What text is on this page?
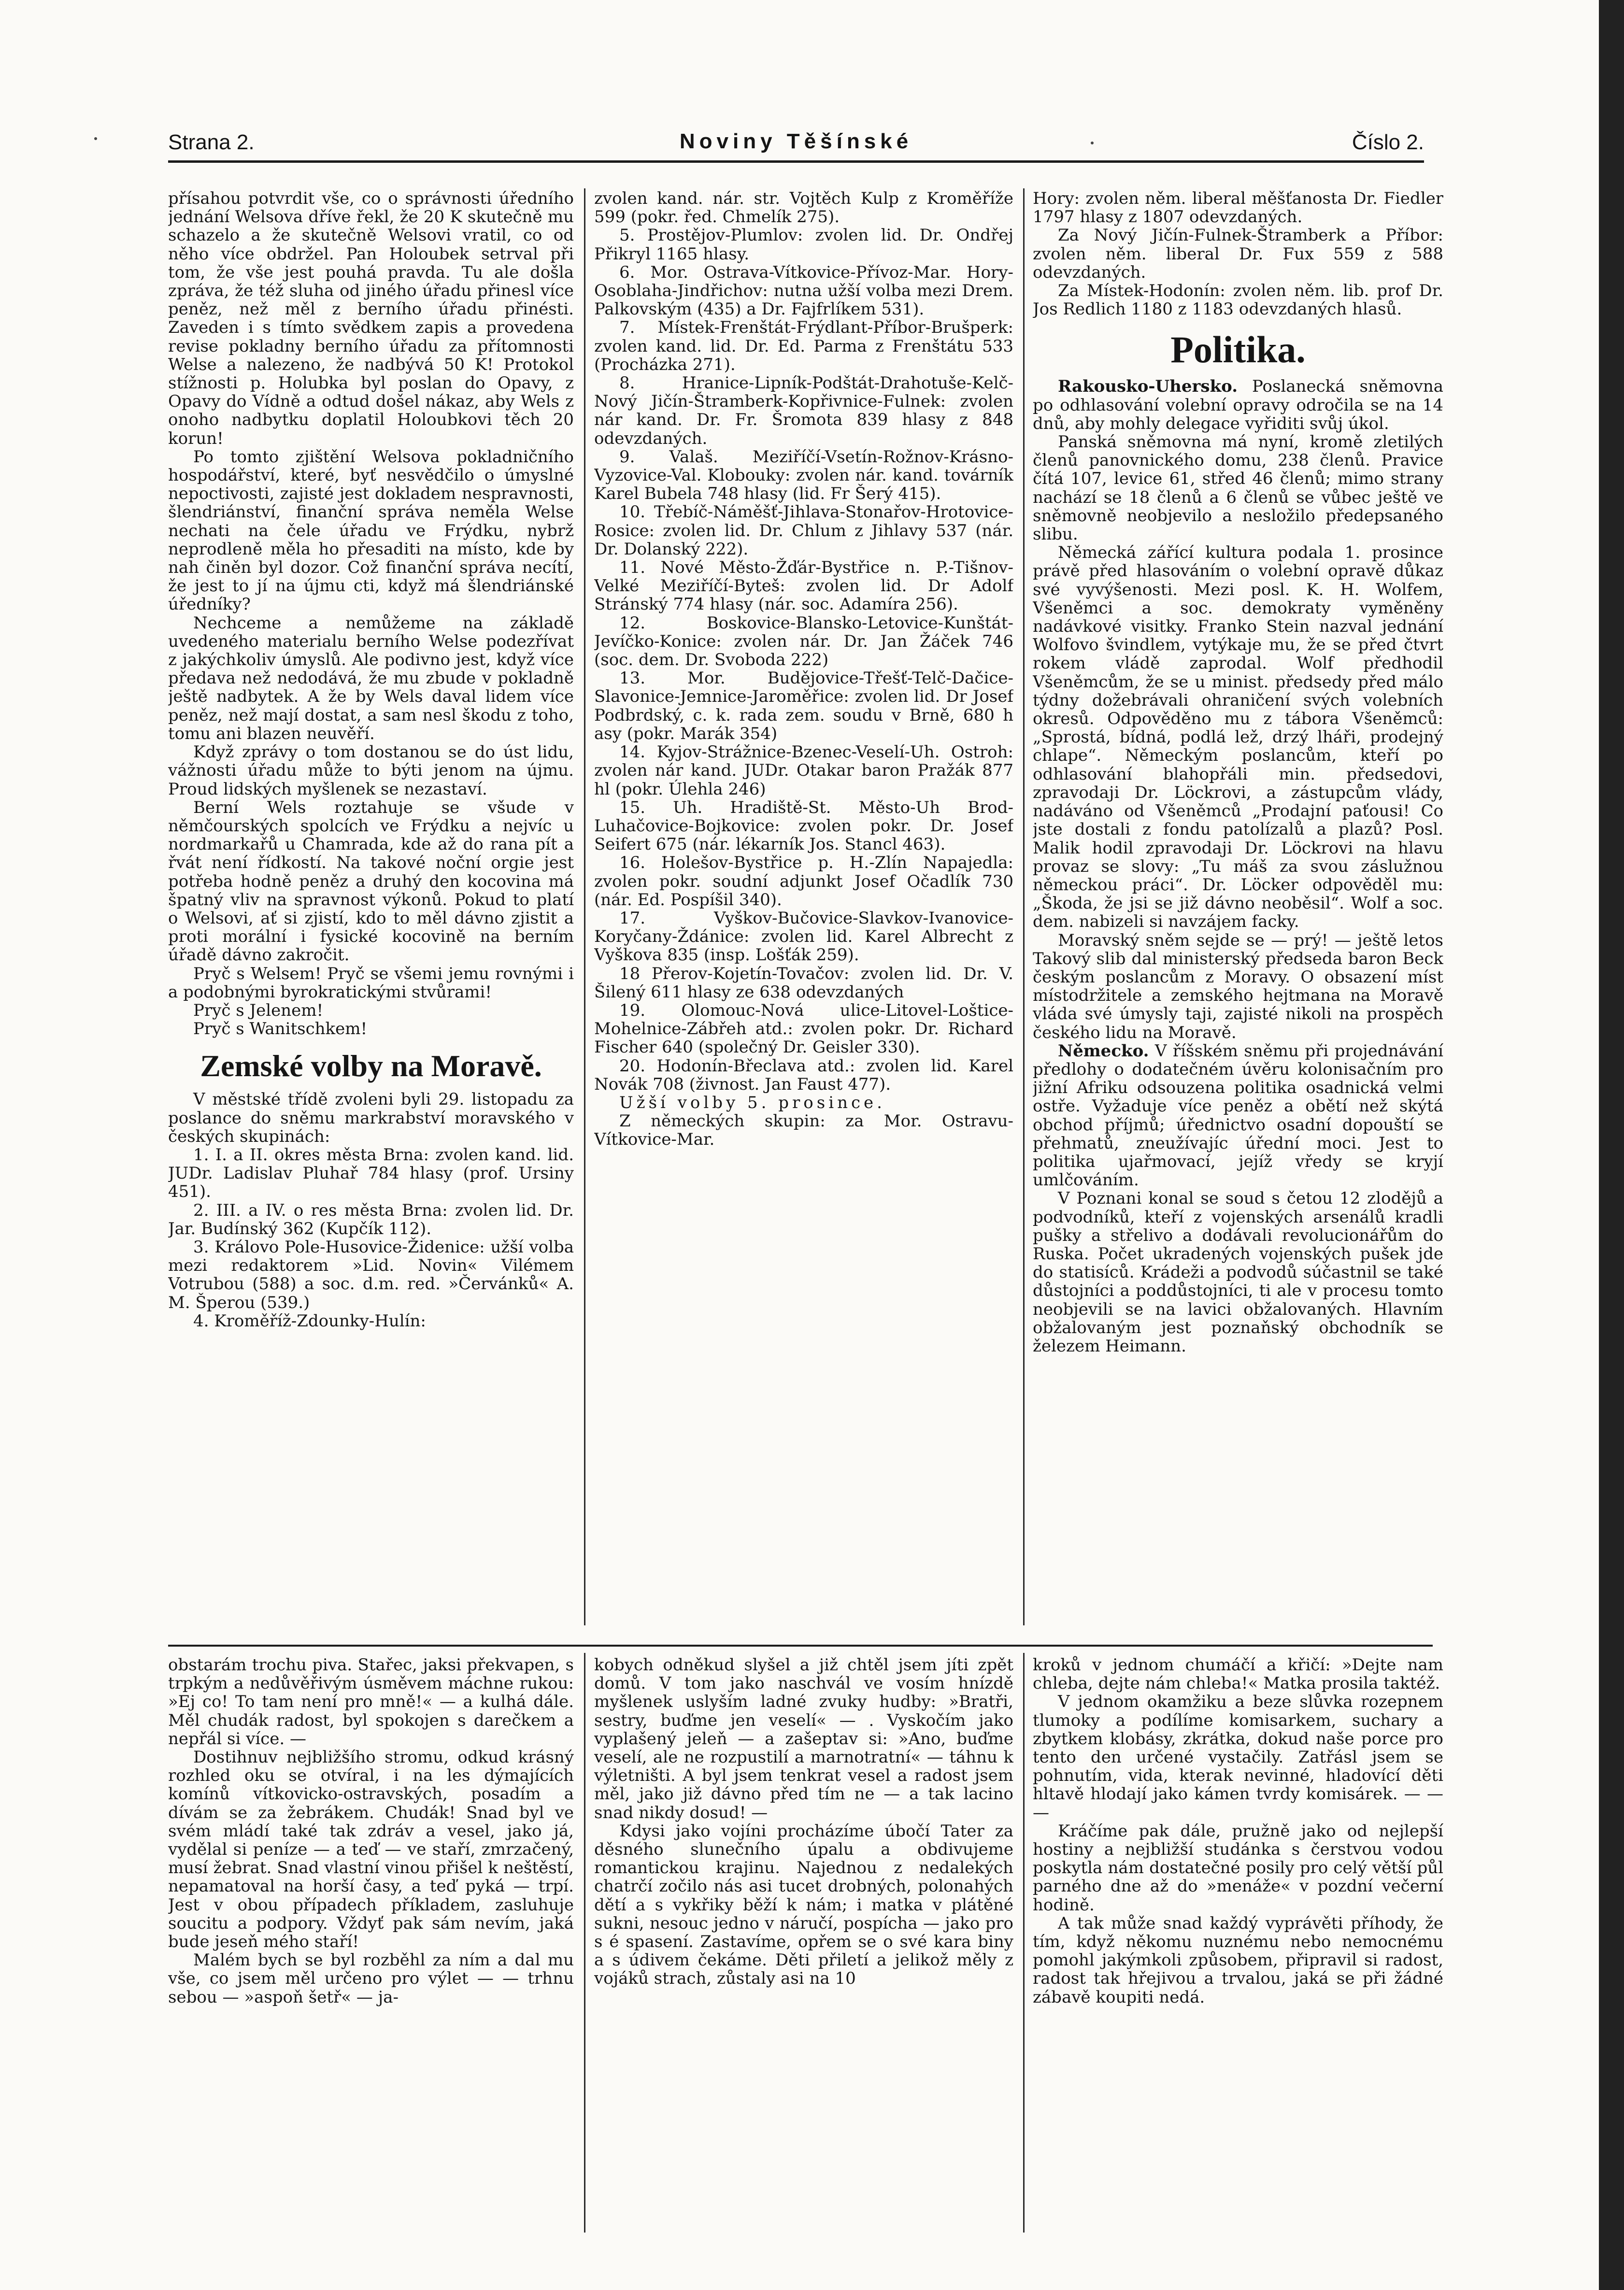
Strana 2.	Noviny Těšínské	Číslo 2.

přísahou potvrdit vše, co o správnosti úředního jednání Welsova dříve řekl, že 20 K skutečně mu schazelo a že skutečně Welsovi vratil, co od něho více obdržel. Pan Holoubek setrval při tom, že vše jest pouhá pravda. Tu ale došla zpráva, že též sluha od jiného úřadu přinesl více peněz, než měl z berního úřadu přinésti. Zaveden i s tímto svědkem zapis a provedena revise pokladny berního úřadu za přítomnosti Welse a nalezeno, že nadbývá 50 K! Protokol stížnosti p. Holubka byl poslan do Opavy, z Opavy do Vídně a odtud došel nákaz, aby Wels z onoho nadbytku doplatil Holoubkovi těch 20 korun!

Po tomto zjištění Welsova pokladničního hospodářství, které, byť nesvědčilo o úmyslné nepoctivosti, zajisté jest dokladem nespravnosti, šlendriánství, finanční správa neměla Welse nechati na čele úřadu ve Frýdku, nybrž neprodleně měla ho přesaditi na místo, kde by nah činěn byl dozor. Což finanční správa necítí, že jest to jí na újmu cti, když má šlendriánské úředníky?

Nechceme a nemůžeme na základě uvedeného materialu berního Welse podezřívat z jakýchkoliv úmyslů. Ale podivno jest, když více předava než nedodává, že mu zbude v pokladně ještě nadbytek. A že by Wels daval lidem více peněz, než mají dostat, a sam nesl škodu z toho, tomu ani blazen neuvěří.

Když zprávy o tom dostanou se do úst lidu, vážnosti úřadu může to býti jenom na újmu. Proud lidských myšlenek se nezastaví.

Berní Wels roztahuje se všude v němčourských spolcích ve Frýdku a nejvíc u nordmarkařů u Chamrada, kde až do rana pít a řvát není řídkostí. Na takové noční orgie jest potřeba hodně peněz a druhý den kocovina má špatný vliv na spravnost výkonů. Pokud to platí o Welsovi, ať si zjistí, kdo to měl dávno zjistit a proti morální i fysické kocovině na berním úřadě dávno zakročit.

Pryč s Welsem! Pryč se všemi jemu rovnými i a podobnými byrokratickými stvůrami!

Pryč s Jelenem!

Pryč s Wanitschkem!

Zemské volby na Moravě.

V městské třídě zvoleni byli 29. listopadu za poslance do sněmu markrabství moravského v českých skupinách:

1. I. a II. okres města Brna: zvolen kand. lid. JUDr. Ladislav Pluhař 784 hlasy (prof. Ursiny 451).

2. III. a IV. o res města Brna: zvolen lid. Dr. Jar. Budínský 362 (Kupčík 112).

3. Královo Pole-Husovice-Židenice: užší volba mezi redaktorem »Lid. Novin« Vilémem Votrubou (588) a soc. d.m. red. »Červánků« A. M. Šperou (539.)

4. Kroměříž-Zdounky-Hulín:

zvolen kand. nár. str. Vojtěch Kulp z Kroměříže 599 (pokr. řed. Chmelík 275).

5. Prostějov-Plumlov: zvolen lid. Dr. Ondřej Přikryl 1165 hlasy.

6. Mor. Ostrava-Vítkovice-Přívoz-Mar. Hory-Osoblaha-Jindřichov: nutna užší volba mezi Drem. Palkovským (435) a Dr. Fajfrlíkem 531).

7. Místek-Frenštát-Frýdlant-Příbor-Brušperk: zvolen kand. lid. Dr. Ed. Parma z Frenštátu 533 (Procházka 271).

8. Hranice-Lipník-Podštát-Drahotuše-Kelč-Nový Jičín-Štramberk-Kopřivnice-Fulnek: zvolen nár kand. Dr. Fr. Šromota 839 hlasy z 848 odevzdaných.

9. Valaš. Meziříčí-Vsetín-Rožnov-Krásno-Vyzovice-Val. Klobouky: zvolen nár. kand. továrník Karel Bubela 748 hlasy (lid. Fr Šerý 415).

10. Třebíč-Náměšť-Jihlava-Stonařov-Hrotovice-Rosice: zvolen lid. Dr. Chlum z Jihlavy 537 (nár. Dr. Dolanský 222).

11. Nové Město-Žďár-Bystřice n. P.-Tišnov-Velké Meziříčí-Byteš: zvolen lid. Dr Adolf Stránský 774 hlasy (nár. soc. Adamíra 256).

12. Boskovice-Blansko-Letovice-Kunštát-Jevíčko-Konice: zvolen nár. Dr. Jan Žáček 746 (soc. dem. Dr. Svoboda 222)

13. Mor. Budějovice-Třešť-Telč-Dačice-Slavonice-Jemnice-Jaroměřice: zvolen lid. Dr Josef Podbrdský, c. k. rada zem. soudu v Brně, 680 h asy (pokr. Marák 354)

14. Kyjov-Strážnice-Bzenec-Veselí-Uh. Ostroh: zvolen nár kand. JUDr. Otakar baron Pražák 877 hl (pokr. Úlehla 246)

15. Uh. Hradiště-St. Město-Uh Brod-Luhačovice-Bojkovice: zvolen pokr. Dr. Josef Seifert 675 (nár. lékarník Jos. Stancl 463).

16. Holešov-Bystřice p. H.-Zlín Napajedla: zvolen pokr. soudní adjunkt Josef Očadlík 730 (nár. Ed. Pospíšil 340).

17. Vyškov-Bučovice-Slavkov-Ivanovice-Koryčany-Ždánice: zvolen lid. Karel Albrecht z Vyškova 835 (insp. Lošťák 259).

18 Přerov-Kojetín-Tovačov: zvolen lid. Dr. V. Šilený 611 hlasy ze 638 odevzdaných

19. Olomouc-Nová ulice-Litovel-Loštice-Mohelnice-Zábřeh atd.: zvolen pokr. Dr. Richard Fischer 640 (společný Dr. Geisler 330).

20. Hodonín-Břeclava atd.: zvolen lid. Karel Novák 708 (živnost. Jan Faust 477).

Užší volby 5. prosince.

Z německých skupin: za Mor. Ostravu-Vítkovice-Mar.

Hory: zvolen něm. liberal měšťanosta Dr. Fiedler 1797 hlasy z 1807 odevzdaných.

Za Nový Jičín-Fulnek-Štramberk a Příbor: zvolen něm. liberal Dr. Fux 559 z 588 odevzdaných.

Za Místek-Hodonín: zvolen něm. lib. prof Dr. Jos Redlich 1180 z 1183 odevzdaných hlasů.

Politika.

Rakousko-Uhersko. Poslanecká sněmovna po odhlasování volební opravy odročila se na 14 dnů, aby mohly delegace vyřiditi svůj úkol.

Panská sněmovna má nyní, kromě zletilých členů panovnického domu, 238 členů. Pravice čítá 107, levice 61, střed 46 členů; mimo strany nachází se 18 členů a 6 členů se vůbec ještě ve sněmovně neobjevilo a nesložilo předepsaného slibu.

Německá zářící kultura podala 1. prosince právě před hlasováním o volební opravě důkaz své vyvýšenosti. Mezi posl. K. H. Wolfem, Všeněmci a soc. demokraty vyměněny nadávkové visitky. Franko Stein nazval jednání Wolfovo švindlem, vytýkaje mu, že se před čtvrt rokem vládě zaprodal. Wolf předhodil Všeněmcům, že se u minist. předsedy před málo týdny dožebrávali ohraničení svých volebních okresů. Odpověděno mu z tábora Všeněmců: „Sprostá, bídná, podlá lež, drzý lháři, prodejný chlape“. Německým poslancům, kteří po odhlasování blahopřáli min. předsedovi, zpravodaji Dr. Löckrovi, a zástupcům vlády, nadáváno od Všeněmců „Prodajní paťousi! Co jste dostali z fondu patolízalů a plazů? Posl. Malik hodil zpravodaji Dr. Löckrovi na hlavu provaz se slovy: „Tu máš za svou záslužnou německou práci“. Dr. Löcker odpověděl mu: „Škoda, že jsi se již dávno neoběsil“. Wolf a soc. dem. nabizeli si navzájem facky.

Moravský sněm sejde se — prý! — ještě letos Takový slib dal ministerský předseda baron Beck českým poslancům z Moravy. O obsazení míst místodržitele a zemského hejtmana na Moravě vláda své úmysly taji, zajisté nikoli na prospěch českého lidu na Moravě.

Německo. V říšském sněmu při projednávání předlohy o dodatečném úvěru kolonisačním pro jižní Afriku odsouzena politika osadnická velmi ostře. Vyžaduje více peněz a obětí než skýtá obchod příjmů; úřednictvo osadní dopouští se přehmatů, zneužívajíc úřední moci. Jest to politika ujařmovací, jejíž vředy se kryjí umlčováním.

V Poznani konal se soud s četou 12 zlodějů a podvodníků, kteří z vojenských arsenálů kradli pušky a střelivo a dodávali revolucionářům do Ruska. Počet ukradených vojenských pušek jde do statisíců. Krádeži a podvodů súčastnil se také důstojníci a poddůstojníci, ti ale v procesu tomto neobjevili se na lavici obžalovaných. Hlavním obžalovaným jest poznaňský obchodník se železem Heimann.

obstarám trochu piva. Stařec, jaksi překvapen, s trpkým a nedůvěřivým úsměvem máchne rukou: »Ej co! To tam není pro mně!« — a kulhá dále. Měl chudák radost, byl spokojen s darečkem a nepřál si více. —

Dostihnuv nejbližšího stromu, odkud krásný rozhled oku se otvíral, i na les dýmajících komínů vítkovicko-ostravských, posadím a dívám se za žebrákem. Chudák! Snad byl ve svém mládí také tak zdráv a vesel, jako já, vydělal si peníze — a teď — ve staří, zmrzačený, musí žebrat. Snad vlastní vinou přišel k neštěstí, nepamatoval na horší časy, a teď pyká — trpí. Jest v obou případech příkladem, zasluhuje soucitu a podpory. Vždyť pak sám nevím, jaká bude jeseň mého staří!

Malém bych se byl rozběhl za ním a dal mu vše, co jsem měl určeno pro výlet — — trhnu sebou — »aspoň šetř« — ja-

kobych odněkud slyšel a již chtěl jsem jíti zpět domů. V tom jako naschvál ve vosím hnízdě myšlenek uslyším ladné zvuky hudby: »Bratři, sestry, buďme jen veselí« — . Vyskočím jako vyplašený jeleň — a zašeptav si: »Ano, buďme veselí, ale ne rozpustilí a marnotratní« — táhnu k výletništi. A byl jsem tenkrat vesel a radost jsem měl, jako již dávno před tím ne — a tak lacino snad nikdy dosud! —

Kdysi jako vojíni procházíme úbočí Tater za děsného slunečního úpalu a obdivujeme romantickou krajinu. Najednou z nedalekých chatrčí zočilo nás asi tucet drobných, polonahých dětí a s vykřiky běží k nám; i matka v plátěné sukni, nesouc jedno v náručí, pospícha — jako pro s é spasení. Zastavíme, opřem se o své kara biny a s údivem čekáme. Děti přiletí a jelikož měly z vojáků strach, zůstaly asi na 10

kroků v jednom chumáčí a křičí: »Dejte nam chleba, dejte nám chleba!« Matka prosila taktéž.

V jednom okamžiku a beze slůvka rozepnem tlumoky a podílíme komisarkem, suchary a zbytkem klobásy, zkrátka, dokud naše porce pro tento den určené vystačily. Zatřásl jsem se pohnutím, vida, kterak nevinné, hladovící děti hltavě hlodají jako kámen tvrdy komisárek. — — —

Kráčíme pak dále, pružně jako od nejlepší hostiny a nejbližší studánka s čerstvou vodou poskytla nám dostatečné posily pro celý větší půl parného dne až do »menáže« v pozdní večerní hodině.

A tak může snad každý vyprávěti příhody, že tím, když někomu nuznému nebo nemocnému pomohl jakýmkoli způsobem, připravil si radost, radost tak hřejivou a trvalou, jaká se při žádné zábavě koupiti nedá.
